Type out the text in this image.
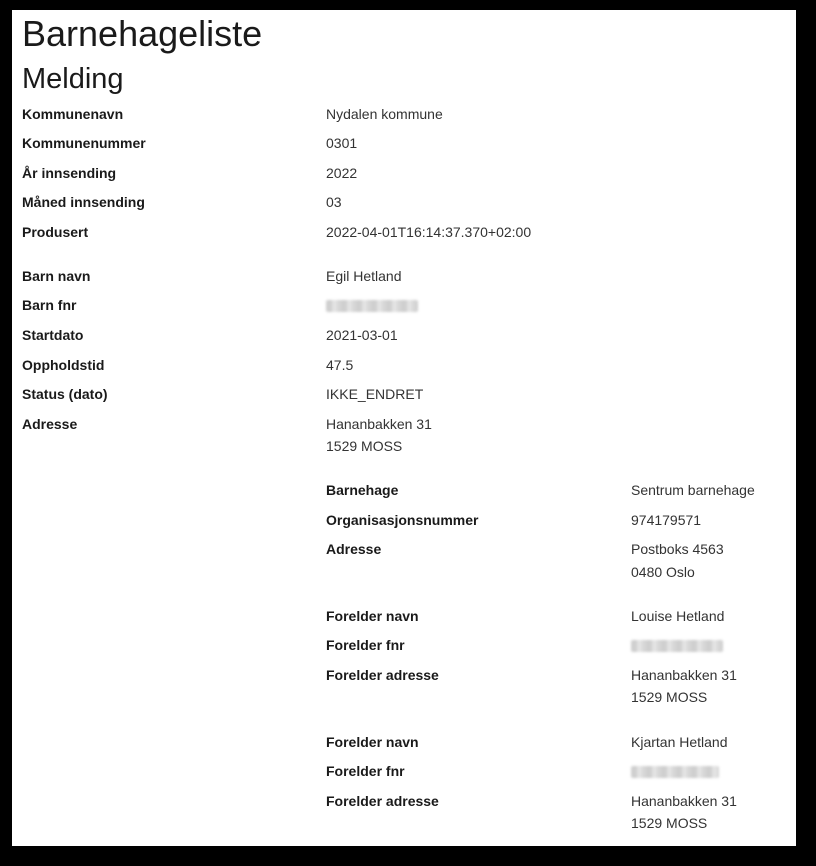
Barnehageliste
Melding
Kommunenavn	Nydalen kommune
Kommunenummer	0301
År innsending	2022
Måned innsending	03
Produsert	2022-04-01T16:14:37.370+02:00
Barn navn	Egil Hetland
Barn fnr
Startdato	2021-03-01
Oppholdstid	47.5
Status (dato)	IKKE_ENDRET
Adresse	Hananbakken 31
1529 MOSS
Barnehage	Sentrum barnehage
Organisasjonsnummer	974179571
Adresse	Postboks 4563
0480 Oslo
Forelder navn	Louise Hetland
Forelder fnr
Forelder adresse	Hananbakken 31
1529 MOSS
Forelder navn	Kjartan Hetland
Forelder fnr
Forelder adresse	Hananbakken 31
1529 MOSS
